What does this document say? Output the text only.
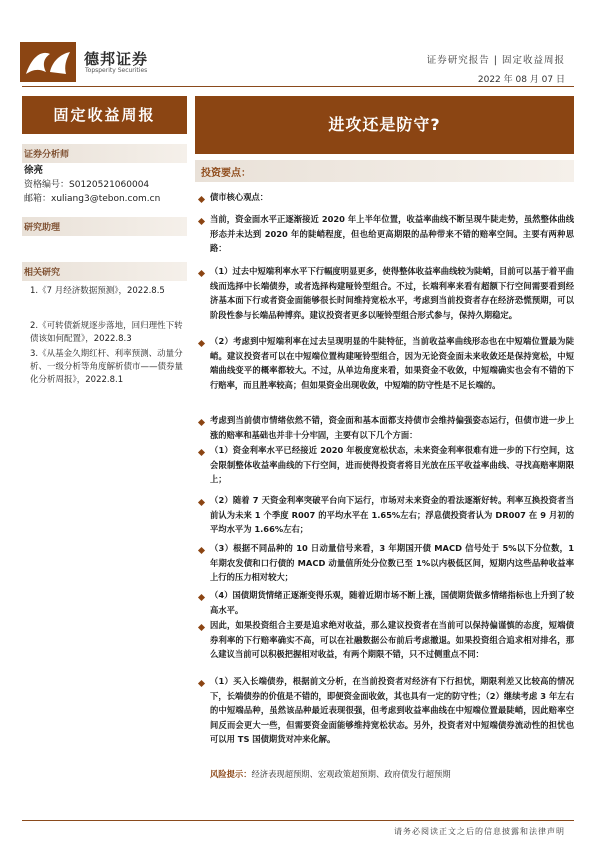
德邦证券
Topsperity Securities
证券研究报告 | 固定收益周报
2022 年 08 月 07 日
固定收益周报
证券分析师
徐亮
资格编号：S0120521060004
邮箱：xuliang3@tebon.com.cn
研究助理
相关研究
1.《7 月经济数据预测》，2022.8.5
2.《可转债新规逐步落地，回归理性下转债该如何配置》，2022.8.3
3.《从基金久期红杆、利率预测、动量分析、一级分析等角度解析债市——债券量化分析周报》，2022.8.1
进攻还是防守?
投资要点：
债市核心观点：
当前，资金面水平正逐渐接近 2020 年上半年位置，收益率曲线不断呈现牛陡走势，虽然整体曲线形态并未达到 2020 年的陡峭程度，但也给更高期限的品种带来不错的赔率空间。主要有两种思路：
（1）过去中短端利率水平下行幅度明显更多，使得整体收益率曲线较为陡峭，目前可以基于着平曲线而选择中长端债券，或者选择构建哑铃型组合。不过，长端利率来看有超额下行空间需要看到经济基本面下行或者资金面能够很长时间维持宽松水平，考虑到当前投资者存在经济恐慌预期，可以阶段性参与长端品种博弈。建议投资者更多以哑铃型组合形式参与，保持久期稳定。
（2）考虑到中短端利率在过去呈现明显的牛陡特征，当前收益率曲线形态也在中短端位置最为陡峭。建议投资者可以在中短端位置构建哑铃型组合，因为无论资金面未来收敛还是保持宽松，中短端曲线变平的概率都较大。不过，从单边角度来看，如果资金不收敛，中短端确实也会有不错的下行赔率，而且胜率较高；但如果资金出现收敛，中短端的防守性是不足长端的。
考虑到当前债市情绪依然不错，资金面和基本面都支持债市会维持偏强姿态运行，但债市进一步上涨的赔率和基础也并非十分牢固，主要有以下几个方面：
（1）资金利率水平已经接近 2020 年极度宽松状态，未来资金利率很难有进一步的下行空间，这会限制整体收益率曲线的下行空间，进而使得投资者将目光放在压平收益率曲线、寻找高赔率期限上；
（2）随着 7 天资金利率突破平台向下运行，市场对未来资金的看法逐渐好转。利率互换投资者当前认为未来 1 个季度 R007 的平均水平在 1.65%左右；浮息债投资者认为 DR007 在 9 月初的平均水平为 1.66%左右；
（3）根据不同品种的 10 日动量信号来看，3 年期国开债 MACD 信号处于 5%以下分位数，1 年期农发债和口行债的 MACD 动量值所处分位数已至 1%以内极低区间，短期内这些品种收益率上行的压力相对较大；
（4）国债期货情绪正逐渐变得乐观，随着近期市场不断上涨，国债期货做多情绪指标也上升到了较高水平。
因此，如果投资组合主要是追求绝对收益，那么建议投资者在当前可以保持偏谨慎的态度，短端债券利率的下行赔率确实不高，可以在社融数据公布前后考虑撤退。如果投资组合追求相对排名，那么建议当前可以积极把握相对收益，有两个期限不错，只不过侧重点不同：
（1）买入长端债券，根据前文分析，在当前投资者对经济有下行担忧，期限利差又比较高的情况下，长端债券的价值是不错的，即便资金面收敛，其也具有一定的防守性；（2）继续考虑 3 年左右的中短端品种，虽然该品种最近表现很强，但考虑到收益率曲线在中短端位置最陡峭，因此赔率空间反而会更大一些，但需要资金面能够维持宽松状态。另外，投资者对中短端债券流动性的担忧也可以用 TS 国债期货对冲来化解。
风险提示：经济表现超预期、宏观政策超预期、政府债发行超预期
请务必阅读正文之后的信息披露和法律声明
